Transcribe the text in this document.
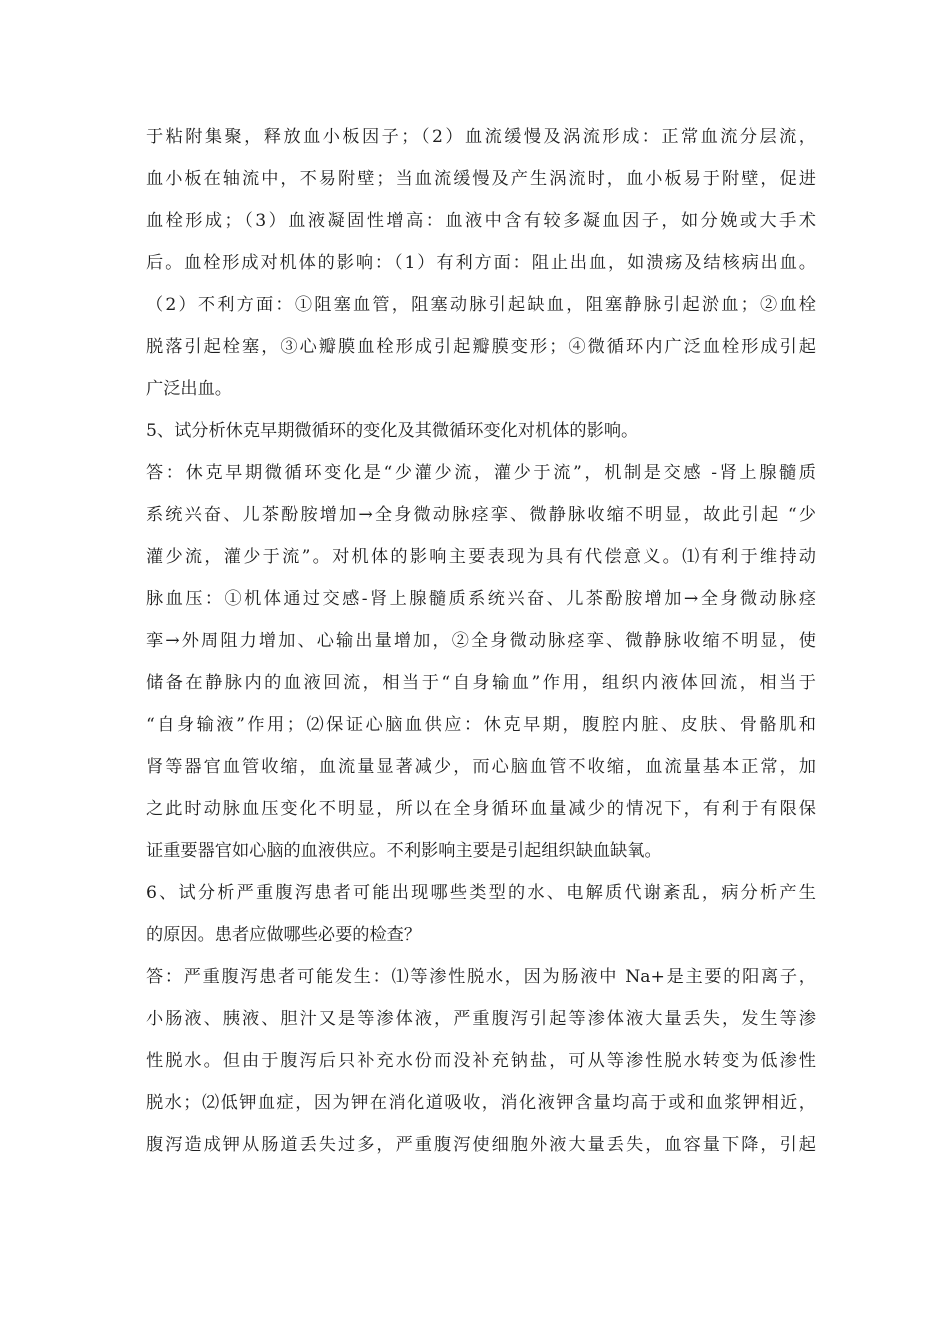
于粘附集聚，释放血小板因子；（2）血流缓慢及涡流形成：正常血流分层流，
血小板在轴流中，不易附壁；当血流缓慢及产生涡流时，血小板易于附壁，促进
血栓形成；（3）血液凝固性增高：血液中含有较多凝血因子，如分娩或大手术
后。血栓形成对机体的影响：（1）有利方面：阻止出血，如溃疡及结核病出血。
（2）不利方面：①阻塞血管，阻塞动脉引起缺血，阻塞静脉引起淤血；②血栓
脱落引起栓塞，③心瓣膜血栓形成引起瓣膜变形；④微循环内广泛血栓形成引起
广泛出血。
5、试分析休克早期微循环的变化及其微循环变化对机体的影响。
答：休克早期微循环变化是“少灌少流，灌少于流”，机制是交感 -肾上腺髓质
系统兴奋、儿茶酚胺增加→全身微动脉痉挛、微静脉收缩不明显，故此引起 “少
灌少流，灌少于流”。对机体的影响主要表现为具有代偿意义。⑴有利于维持动
脉血压：①机体通过交感-肾上腺髓质系统兴奋、儿茶酚胺增加→全身微动脉痉
挛→外周阻力增加、心输出量增加，②全身微动脉痉挛、微静脉收缩不明显，使
储备在静脉内的血液回流，相当于“自身输血”作用，组织内液体回流，相当于
“自身输液”作用；⑵保证心脑血供应：休克早期，腹腔内脏、皮肤、骨骼肌和
肾等器官血管收缩，血流量显著减少，而心脑血管不收缩，血流量基本正常，加
之此时动脉血压变化不明显，所以在全身循环血量减少的情况下，有利于有限保
证重要器官如心脑的血液供应。不利影响主要是引起组织缺血缺氧。
6、试分析严重腹泻患者可能出现哪些类型的水、电解质代谢紊乱，病分析产生
的原因。患者应做哪些必要的检查？
答：严重腹泻患者可能发生：⑴等渗性脱水，因为肠液中 Na+是主要的阳离子，
小肠液、胰液、胆汁又是等渗体液，严重腹泻引起等渗体液大量丢失，发生等渗
性脱水。但由于腹泻后只补充水份而没补充钠盐，可从等渗性脱水转变为低渗性
脱水；⑵低钾血症，因为钾在消化道吸收，消化液钾含量均高于或和血浆钾相近，
腹泻造成钾从肠道丢失过多，严重腹泻使细胞外液大量丢失，血容量下降，引起
